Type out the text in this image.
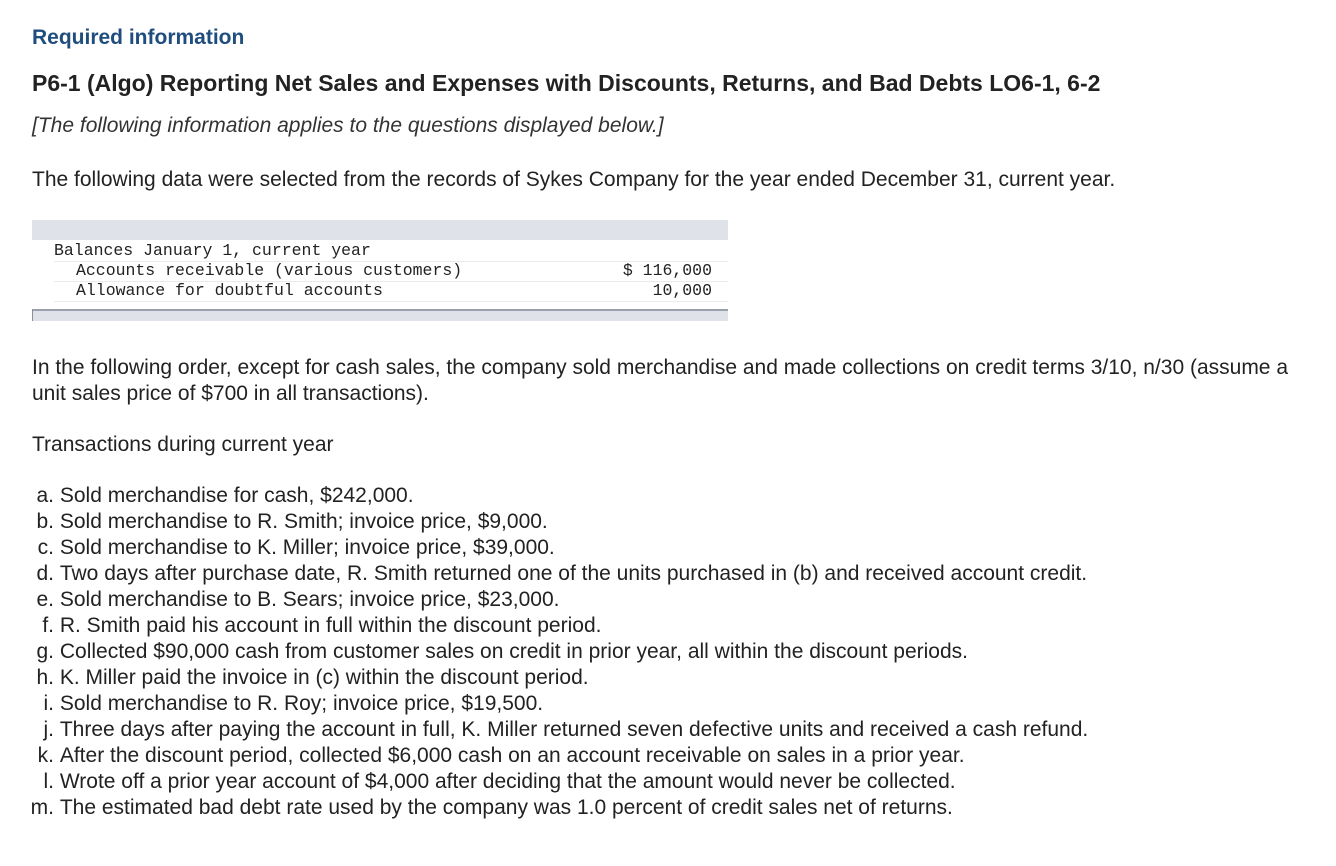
Required information
P6-1 (Algo) Reporting Net Sales and Expenses with Discounts, Returns, and Bad Debts LO6-1, 6-2

[The following information applies to the questions displayed below.]

The following data were selected from the records of Sykes Company for the year ended December 31, current year.

Balances January 1, current year
Accounts receivable (various customers)	$ 116,000
Allowance for doubtful accounts	10,000

In the following order, except for cash sales, the company sold merchandise and made collections on credit terms 3/10, n/30 (assume a unit sales price of $700 in all transactions).

Transactions during current year

a.
Sold merchandise for cash, $242,000.
b.
Sold merchandise to R. Smith; invoice price, $9,000.
c.
Sold merchandise to K. Miller; invoice price, $39,000.
d.
Two days after purchase date, R. Smith returned one of the units purchased in (b) and received account credit.
e.
Sold merchandise to B. Sears; invoice price, $23,000.
f.
R. Smith paid his account in full within the discount period.
g.
Collected $90,000 cash from customer sales on credit in prior year, all within the discount periods.
h.
K. Miller paid the invoice in (c) within the discount period.
i.
Sold merchandise to R. Roy; invoice price, $19,500.
j.
Three days after paying the account in full, K. Miller returned seven defective units and received a cash refund.
k.
After the discount period, collected $6,000 cash on an account receivable on sales in a prior year.
l.
Wrote off a prior year account of $4,000 after deciding that the amount would never be collected.
m.
The estimated bad debt rate used by the company was 1.0 percent of credit sales net of returns.
